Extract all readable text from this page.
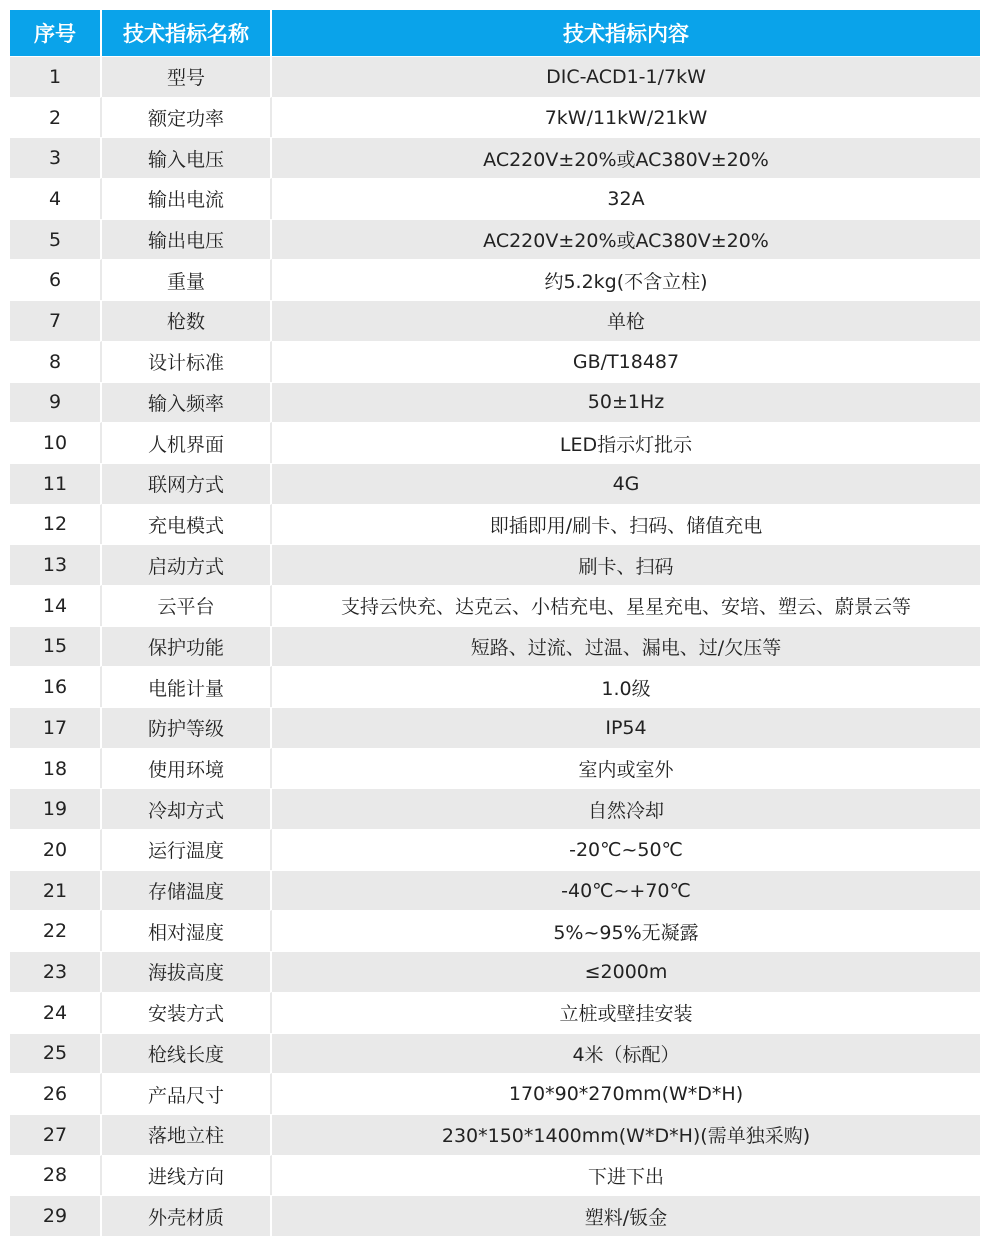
序号	技术指标名称	技术指标内容
1	型号	DIC-ACD1-1/7kW
2	额定功率	7kW/11kW/21kW
3	输入电压	AC220V±20%或AC380V±20%
4	输出电流	32A
5	输出电压	AC220V±20%或AC380V±20%
6	重量	约5.2kg(不含立柱)
7	枪数	单枪
8	设计标准	GB/T18487
9	输入频率	50±1Hz
10	人机界面	LED指示灯批示
11	联网方式	4G
12	充电模式	即插即用/刷卡、扫码、储值充电
13	启动方式	刷卡、扫码
14	云平台	支持云快充、达克云、小桔充电、星星充电、安培、塑云、蔚景云等
15	保护功能	短路、过流、过温、漏电、过/欠压等
16	电能计量	1.0级
17	防护等级	IP54
18	使用环境	室内或室外
19	冷却方式	自然冷却
20	运行温度	-20℃~50℃
21	存储温度	-40℃~+70℃
22	相对湿度	5%~95%无凝露
23	海拔高度	≤2000m
24	安装方式	立桩或壁挂安装
25	枪线长度	4米（标配）
26	产品尺寸	170*90*270mm(W*D*H)
27	落地立柱	230*150*1400mm(W*D*H)(需单独采购)
28	进线方向	下进下出
29	外壳材质	塑料/钣金
